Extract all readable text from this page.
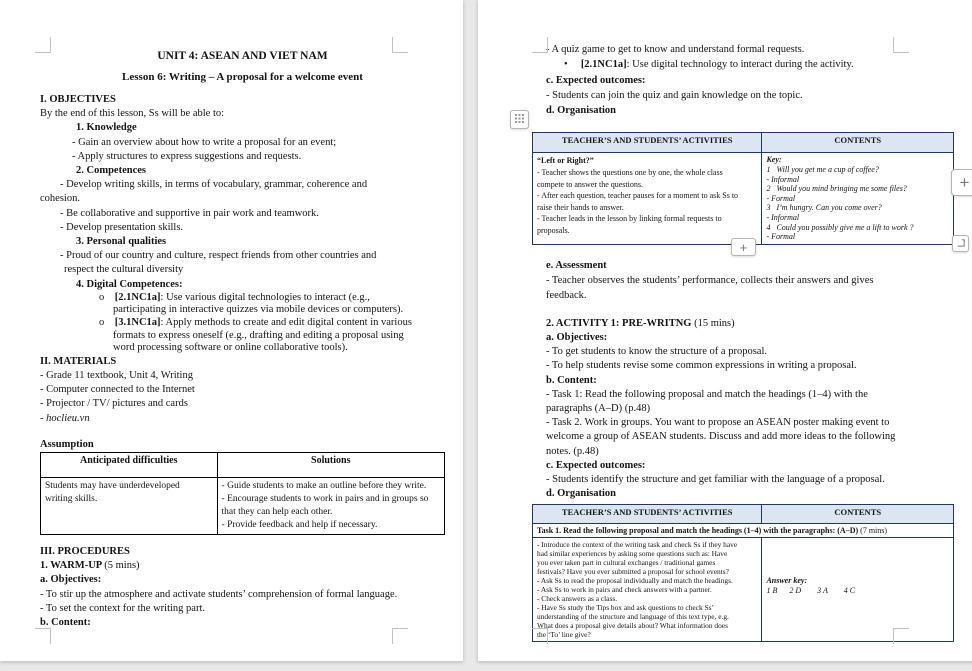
UNIT 4: ASEAN AND VIET NAM
Lesson 6: Writing – A proposal for a welcome event
I. OBJECTIVES
By the end of this lesson, Ss will be able to:
1. Knowledge
- Gain an overview about how to write a proposal for an event;
- Apply structures to express suggestions and requests.
2. Competences
- Develop writing skills, in terms of vocabulary, grammar, coherence and
cohesion.
- Be collaborative and supportive in pair work and teamwork.
- Develop presentation skills.
3. Personal qualities
- Proud of our country and culture, respect friends from other countries and
respect the cultural diversity
4. Digital Competences:
o    [2.1NC1a]: Use various digital technologies to interact (e.g.,
participating in interactive quizzes via mobile devices or computers).
o    [3.1NC1a]: Apply methods to create and edit digital content in various
formats to express oneself (e.g., drafting and editing a proposal using
word processing software or online collaborative tools).
II. MATERIALS
- Grade 11 textbook, Unit 4, Writing
- Computer connected to the Internet
- Projector / TV/ pictures and cards
- hoclieu.vn
Assumption
Anticipated difficulties	Solutions

Students may have underdeveloped
writing skills.

- Guide students to make an outline before they write.
- Encourage students to work in pairs and in groups so
that they can help each other.
- Provide feedback and help if necessary.
III. PROCEDURES
1. WARM-UP (5 mins)
a. Objectives:
- To stir up the atmosphere and activate students’ comprehension of formal language.
- To set the context for the writing part.
b. Content:
- A quiz game to get to know and understand formal requests.
•     [2.1NC1a]: Use digital technology to interact during the activity.
c. Expected outcomes:
- Students can join the quiz and gain knowledge on the topic.
d. Organisation
TEACHER’S AND STUDENTS’ ACTIVITIES	CONTENTS

“Left or Right?”
- Teacher shows the questions one by one, the whole class
compete to answer the questions.
- After each question, teacher pauses for a moment to ask Ss to
raise their hands to answer.
- Teacher leads in the lesson by linking formal requests to
proposals.

Key:
1   Will you get me a cup of coffee?
- Informal
2   Would you mind bringing me some files?
- Formal
3   I’m hungry. Can you come over?
- Informal
4   Could you possibly give me a lift to work ?
- Formal
e. Assessment
- Teacher observes the students’ performance, collects their answers and gives
feedback.
2. ACTIVITY 1: PRE-WRITNG (15 mins)
a. Objectives:
- To get students to know the structure of a proposal.
- To help students revise some common expressions in writing a proposal.
b. Content:
- Task 1: Read the following proposal and match the headings (1–4) with the
paragraphs (A–D) (p.48)
- Task 2. Work in groups. You want to propose an ASEAN poster making event to
welcome a group of ASEAN students. Discuss and add more ideas to the following
notes. (p.48)
c. Expected outcomes:
- Students identify the structure and get familiar with the language of a proposal.
d. Organisation
TEACHER’S AND STUDENTS’ ACTIVITIES	CONTENTS
Task 1. Read the following proposal and match the headings (1–4) with the paragraphs: (A–D) (7 mins)	

- Introduce the context of the writing task and check Ss if they have
had similar experiences by asking some questions such as: Have
you ever taken part in cultural exchanges / traditional games
festivals? Have you ever submitted a proposal for school events?
- Ask Ss to read the proposal individually and match the headings.
- Ask Ss to work in pairs and check answers with a partner.
- Check answers as a class.
- Have Ss study the Tips box and ask questions to check Ss’
understanding of the structure and language of this text type, e.g.
What does a proposal give details about? What information does
the ‘To’ line give?

Answer key:
1 B      2 D        3 A        4 C
+
+
